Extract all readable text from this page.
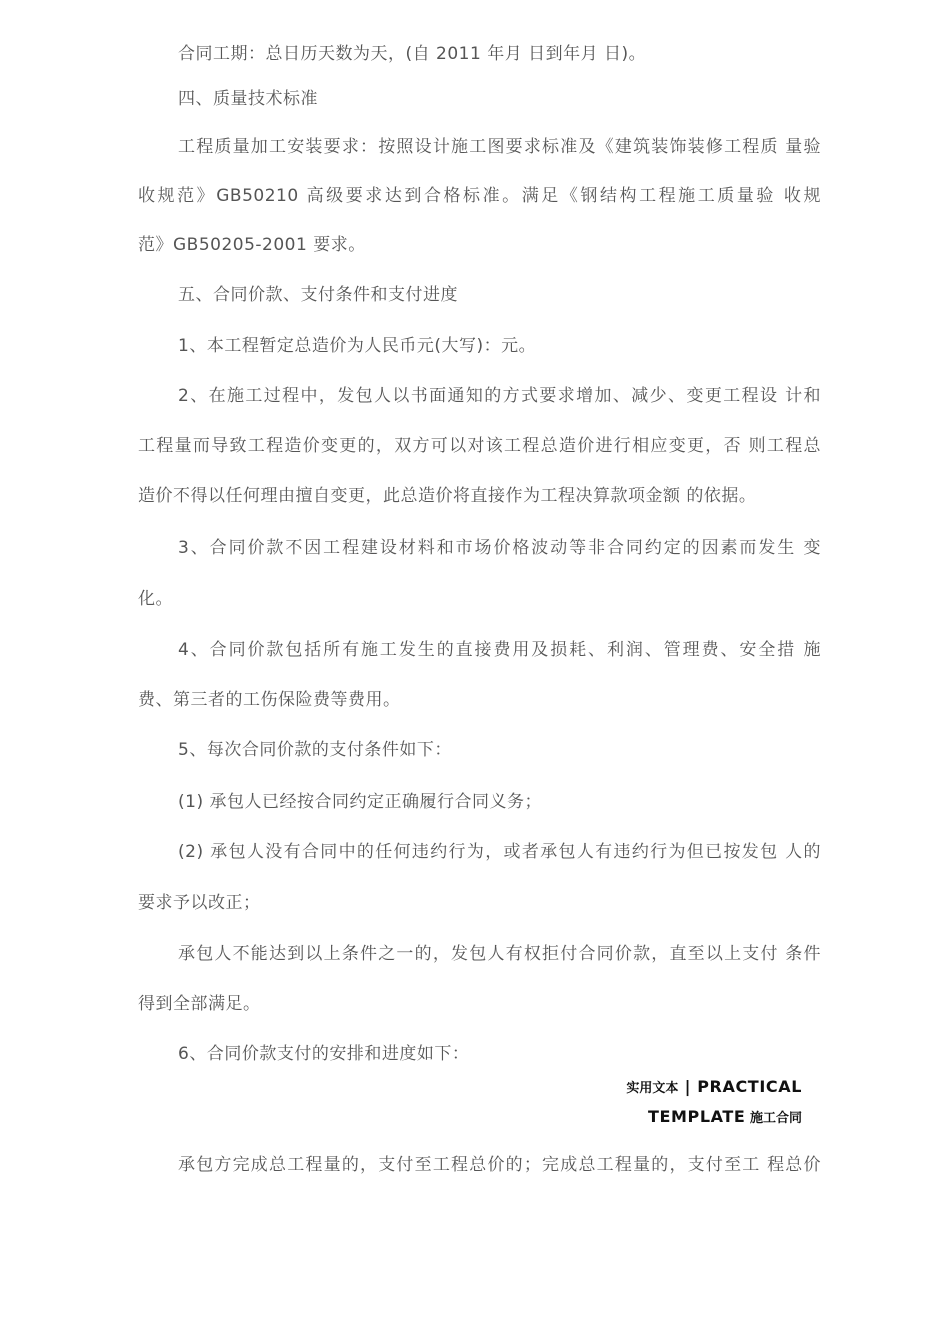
合同工期：总日历天数为天，(自 2011 年月 日到年月 日)。
四、质量技术标准
工程质量加工安装要求：按照设计施工图要求标准及《建筑装饰装修工程质 量验
收规范》GB50210 高级要求达到合格标准。满足《钢结构工程施工质量验 收规
范》GB50205-2001 要求。
五、合同价款、支付条件和支付进度
1、本工程暂定总造价为人民币元(大写)：元。
2、在施工过程中，发包人以书面通知的方式要求增加、减少、变更工程设 计和
工程量而导致工程造价变更的，双方可以对该工程总造价进行相应变更，否 则工程总
造价不得以任何理由擅自变更，此总造价将直接作为工程决算款项金额 的依据。
3、合同价款不因工程建设材料和市场价格波动等非合同约定的因素而发生 变
化。
4、合同价款包括所有施工发生的直接费用及损耗、利润、管理费、安全措 施
费、第三者的工伤保险费等费用。
5、每次合同价款的支付条件如下：
(1) 承包人已经按合同约定正确履行合同义务；
(2) 承包人没有合同中的任何违约行为，或者承包人有违约行为但已按发包 人的
要求予以改正；
承包人不能达到以上条件之一的，发包人有权拒付合同价款，直至以上支付 条件
得到全部满足。
6、合同价款支付的安排和进度如下：
实用文本 | PRACTICAL
TEMPLATE 施工合同
承包方完成总工程量的，支付至工程总价的；完成总工程量的，支付至工 程总价
